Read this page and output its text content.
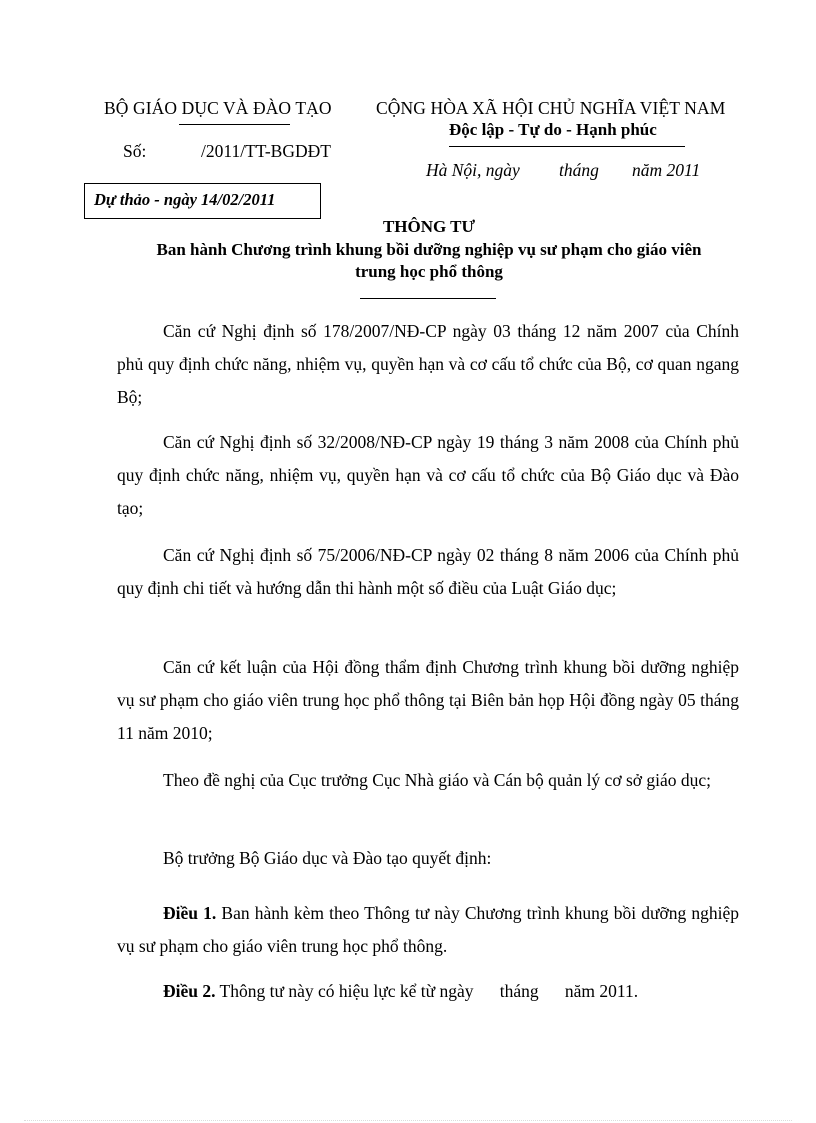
BỘ GIÁO DỤC VÀ ĐÀO TẠO
Số:	/2011/TT-BGDĐT
CỘNG HÒA XÃ HỘI CHỦ NGHĨA VIỆT NAM
Độc lập - Tự do - Hạnh phúc
Hà Nội, ngày tháng năm 2011
Dự thảo - ngày 14/02/2011
THÔNG TƯ
Ban hành Chương trình khung bồi dưỡng nghiệp vụ sư phạm cho giáo viên
trung học phổ thông

Căn cứ Nghị định số 178/2007/NĐ-CP ngày 03 tháng 12 năm 2007 của Chính phủ quy định chức năng, nhiệm vụ, quyền hạn và cơ cấu tổ chức của Bộ, cơ quan ngang Bộ;

Căn cứ Nghị định số 32/2008/NĐ-CP ngày 19 tháng 3 năm 2008 của Chính phủ quy định chức năng, nhiệm vụ, quyền hạn và cơ cấu tổ chức của Bộ Giáo dục và Đào tạo;

Căn cứ Nghị định số 75/2006/NĐ-CP ngày 02 tháng 8 năm 2006 của Chính phủ quy định chi tiết và hướng dẫn thi hành một số điều của Luật Giáo dục;

Căn cứ kết luận của Hội đồng thẩm định Chương trình khung bồi dưỡng nghiệp vụ sư phạm cho giáo viên trung học phổ thông tại Biên bản họp Hội đồng ngày 05 tháng 11 năm 2010;

Theo đề nghị của Cục trưởng Cục Nhà giáo và Cán bộ quản lý cơ sở giáo dục;

Bộ trưởng Bộ Giáo dục và Đào tạo quyết định:

Điều 1. Ban hành kèm theo Thông tư này Chương trình khung bồi dưỡng nghiệp vụ sư phạm cho giáo viên trung học phổ thông.

Điều 2. Thông tư này có hiệu lực kể từ ngày      tháng      năm 2011.
